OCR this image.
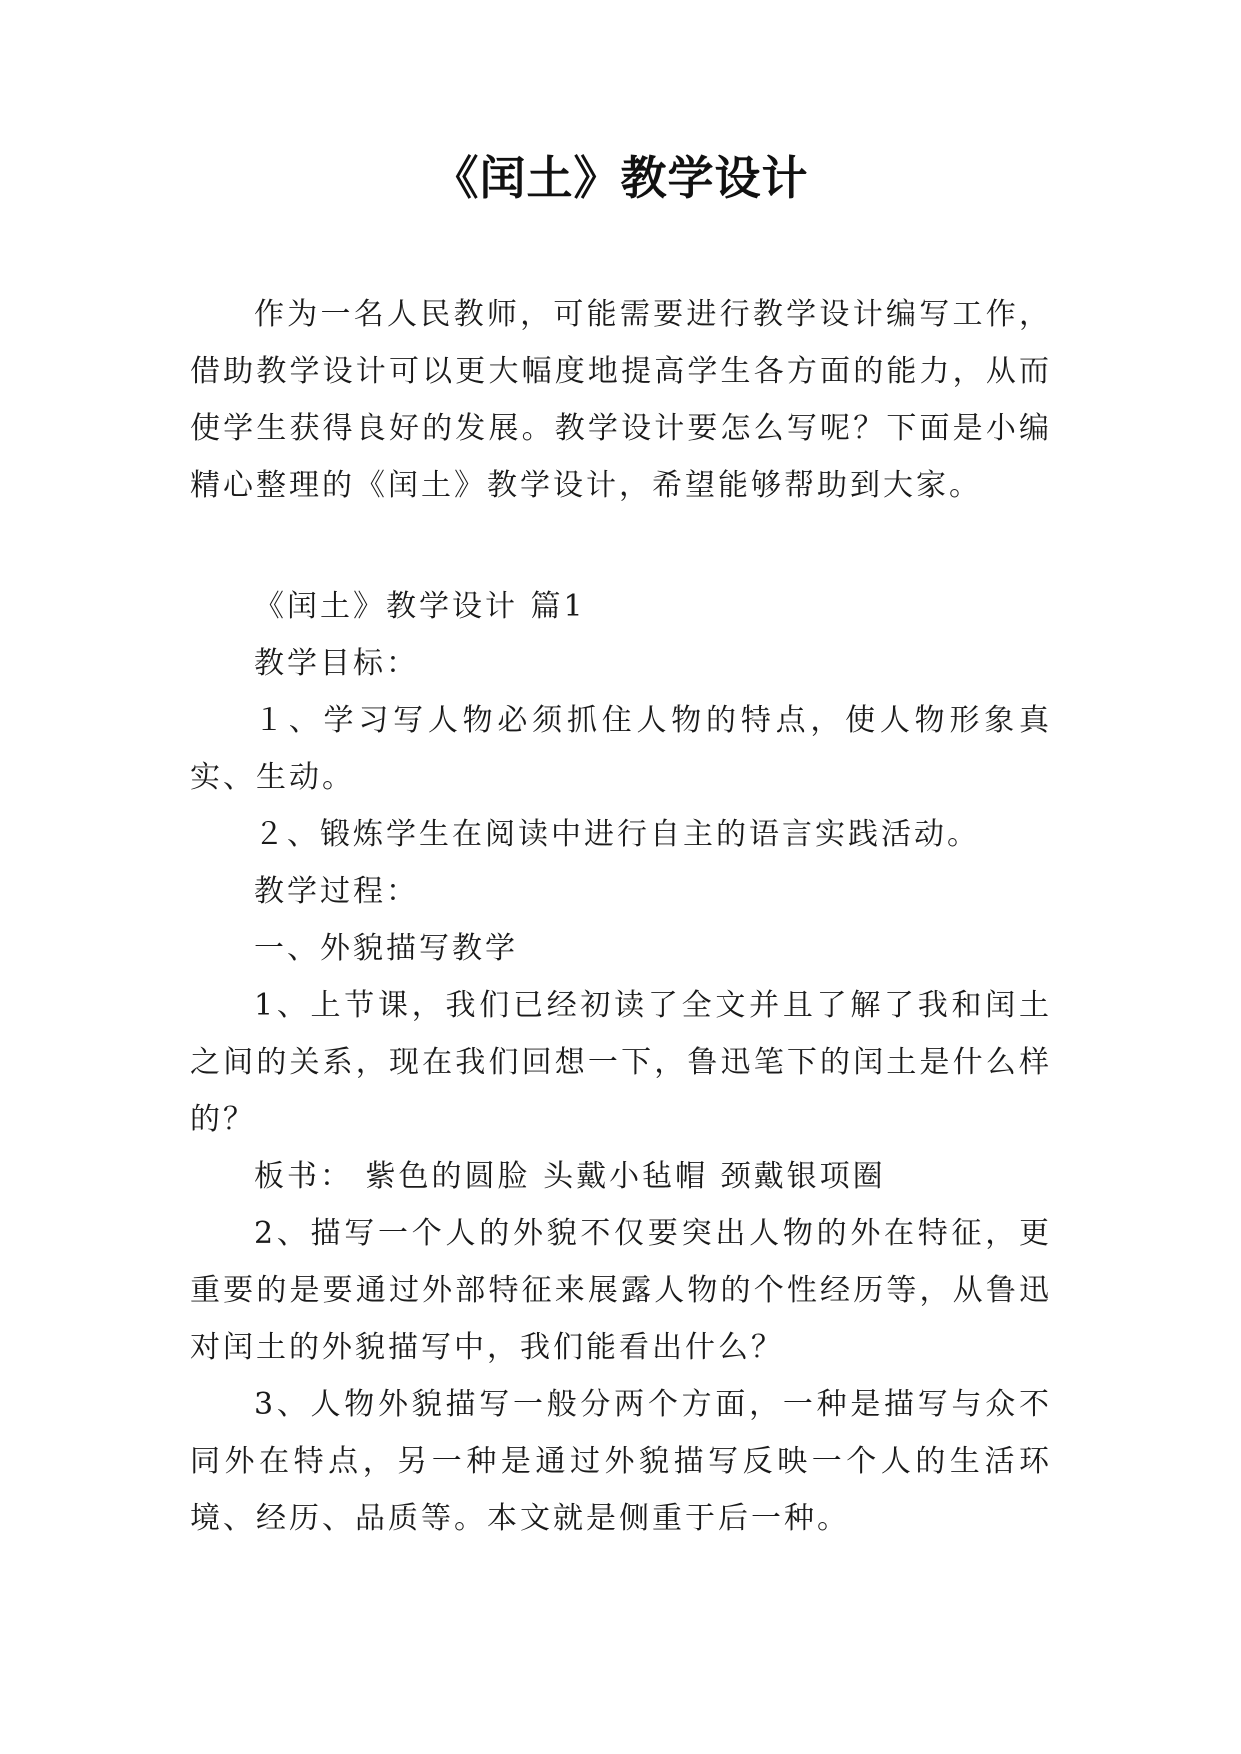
《闰土》教学设计

作为一名人民教师，可能需要进行教学设计编写工作，借助教学设计可以更大幅度地提高学生各方面的能力，从而使学生获得良好的发展。教学设计要怎么写呢？下面是小编精心整理的《闰土》教学设计，希望能够帮助到大家。

《闰土》教学设计 篇1

教学目标：

１、学习写人物必须抓住人物的特点，使人物形象真实、生动。

２、锻炼学生在阅读中进行自主的语言实践活动。

教学过程：

一、外貌描写教学

1、上节课，我们已经初读了全文并且了解了我和闰土之间的关系，现在我们回想一下，鲁迅笔下的闰土是什么样的？

板书： 紫色的圆脸 头戴小毡帽 颈戴银项圈

2、描写一个人的外貌不仅要突出人物的外在特征，更重要的是要通过外部特征来展露人物的个性经历等，从鲁迅对闰土的外貌描写中，我们能看出什么？

3、人物外貌描写一般分两个方面，一种是描写与众不同外在特点，另一种是通过外貌描写反映一个人的生活环境、经历、品质等。本文就是侧重于后一种。
